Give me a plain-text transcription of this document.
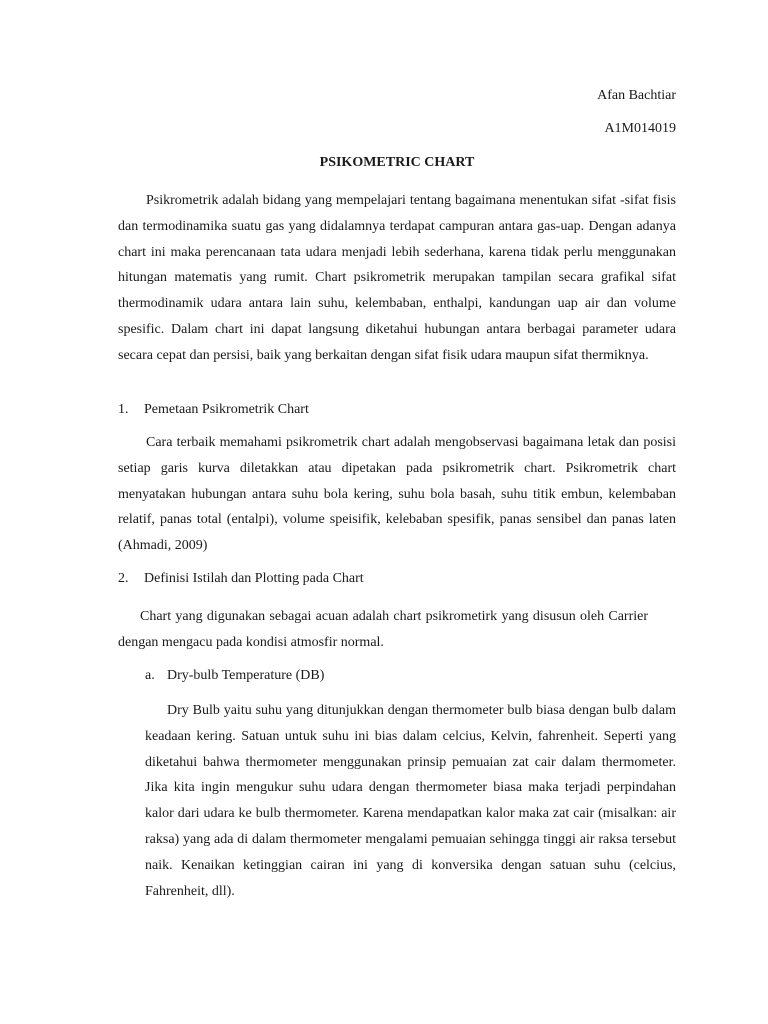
Afan Bachtiar
A1M014019
PSIKOMETRIC CHART

Psikrometrik adalah bidang yang mempelajari tentang bagaimana menentukan sifat -sifat fisis dan termodinamika suatu gas yang didalamnya terdapat campuran antara gas-uap. Dengan adanya chart ini maka perencanaan tata udara menjadi lebih sederhana, karena tidak perlu menggunakan hitungan matematis yang rumit. Chart psikrometrik merupakan tampilan secara grafikal sifat thermodinamik udara antara lain suhu, kelembaban, enthalpi, kandungan uap air dan volume spesific. Dalam chart ini dapat langsung diketahui hubungan antara berbagai parameter udara secara cepat dan persisi, baik yang berkaitan dengan sifat fisik udara maupun sifat thermiknya.

1. Pemetaan Psikrometrik Chart

Cara terbaik memahami psikrometrik chart adalah mengobservasi bagaimana letak dan posisi setiap garis kurva diletakkan atau dipetakan pada psikrometrik chart. Psikrometrik chart menyatakan hubungan antara suhu bola kering, suhu bola basah, suhu titik embun, kelembaban relatif, panas total (entalpi), volume speisifik, kelebaban spesifik, panas sensibel dan panas laten (Ahmadi, 2009)

2. Definisi Istilah dan Plotting pada Chart

Chart yang digunakan sebagai acuan adalah chart psikrometirk yang disusun oleh Carrier dengan mengacu pada kondisi atmosfir normal.

a. Dry-bulb Temperature (DB)

Dry Bulb yaitu suhu yang ditunjukkan dengan thermometer bulb biasa dengan bulb dalam keadaan kering. Satuan untuk suhu ini bias dalam celcius, Kelvin, fahrenheit. Seperti yang diketahui bahwa thermometer menggunakan prinsip pemuaian zat cair dalam thermometer. Jika kita ingin mengukur suhu udara dengan thermometer biasa maka terjadi perpindahan kalor dari udara ke bulb thermometer. Karena mendapatkan kalor maka zat cair (misalkan: air raksa) yang ada di dalam thermometer mengalami pemuaian sehingga tinggi air raksa tersebut naik. Kenaikan ketinggian cairan ini yang di konversika dengan satuan suhu (celcius, Fahrenheit, dll).
